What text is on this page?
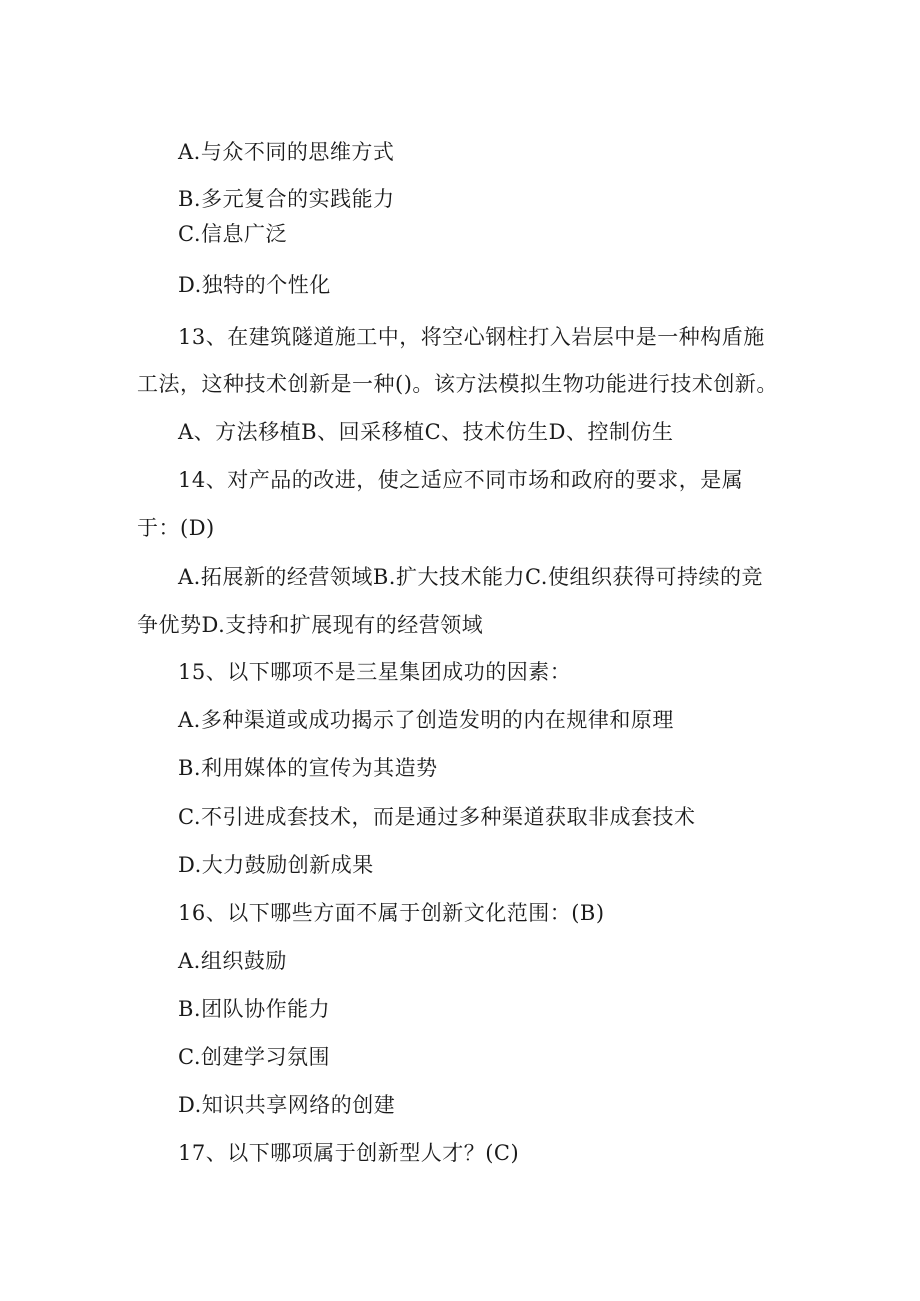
A.与众不同的思维方式
B.多元复合的实践能力
C.信息广泛
D.独特的个性化
13、在建筑隧道施工中，将空心钢柱打入岩层中是一种构盾施
工法，这种技术创新是一种()。该方法模拟生物功能进行技术创新。
A、方法移植B、回采移植C、技术仿生D、控制仿生
14、对产品的改进，使之适应不同市场和政府的要求，是属
于：(D)
A.拓展新的经营领域B.扩大技术能力C.使组织获得可持续的竞
争优势D.支持和扩展现有的经营领域
15、以下哪项不是三星集团成功的因素：
A.多种渠道或成功揭示了创造发明的内在规律和原理
B.利用媒体的宣传为其造势
C.不引进成套技术，而是通过多种渠道获取非成套技术
D.大力鼓励创新成果
16、以下哪些方面不属于创新文化范围：(B)
A.组织鼓励
B.团队协作能力
C.创建学习氛围
D.知识共享网络的创建
17、以下哪项属于创新型人才？(C)
